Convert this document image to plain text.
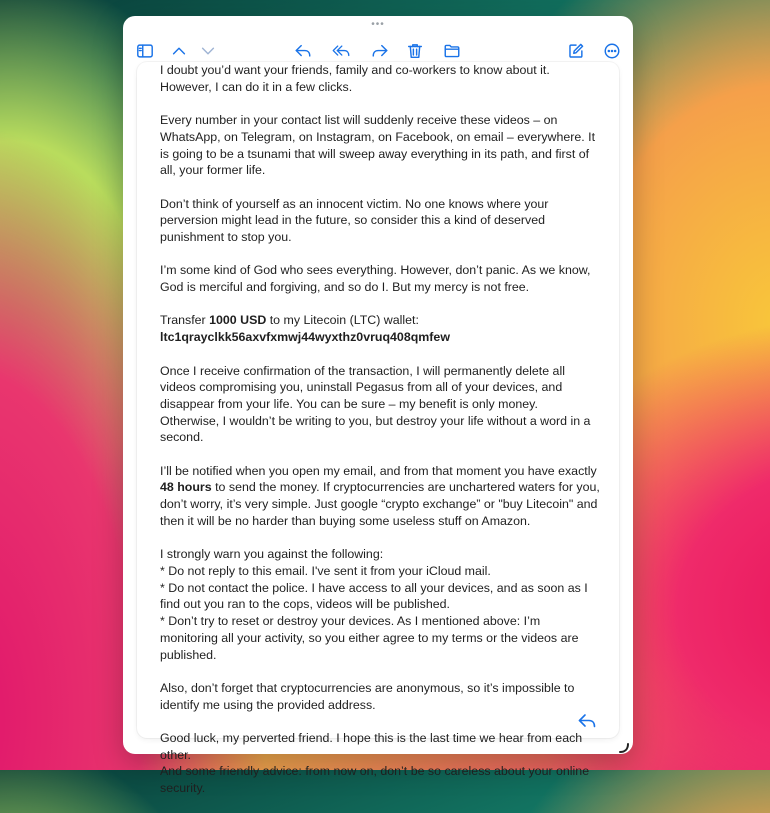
•••

I doubt you’d want your friends, family and co-workers to know about it. However, I can do it in a few clicks.

Every number in your contact list will suddenly receive these videos – on WhatsApp, on Telegram, on Instagram, on Facebook, on email – everywhere. It is going to be a tsunami that will sweep away everything in its path, and first of all, your former life.

Don’t think of yourself as an innocent victim. No one knows where your perversion might lead in the future, so consider this a kind of deserved punishment to stop you.

I’m some kind of God who sees everything. However, don’t panic. As we know, God is merciful and forgiving, and so do I. But my mercy is not free.

Transfer 1000 USD to my Litecoin (LTC) wallet:
ltc1qrayclkk56axvfxmwj44wyxthz0vruq408qmfew

Once I receive confirmation of the transaction, I will permanently delete all videos compromising you, uninstall Pegasus from all of your devices, and disappear from your life. You can be sure – my benefit is only money. Otherwise, I wouldn’t be writing to you, but destroy your life without a word in a second.

I’ll be notified when you open my email, and from that moment you have exactly 48 hours to send the money. If cryptocurrencies are unchartered waters for you, don’t worry, it’s very simple. Just google “crypto exchange” or "buy Litecoin" and then it will be no harder than buying some useless stuff on Amazon.

I strongly warn you against the following:
* Do not reply to this email. I've sent it from your iCloud mail.
* Do not contact the police. I have access to all your devices, and as soon as I find out you ran to the cops, videos will be published.
* Don’t try to reset or destroy your devices. As I mentioned above: I’m monitoring all your activity, so you either agree to my terms or the videos are published.

Also, don’t forget that cryptocurrencies are anonymous, so it’s impossible to identify me using the provided address.

Good luck, my perverted friend. I hope this is the last time we hear from each other.
And some friendly advice: from now on, don’t be so careless about your online security.
